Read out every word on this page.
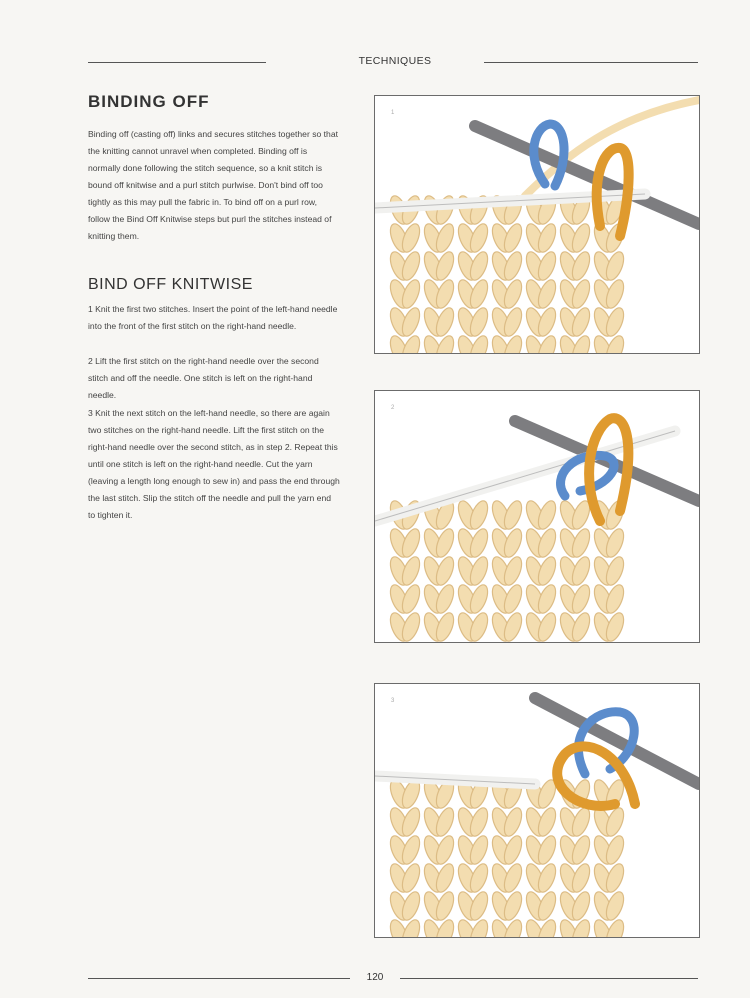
TECHNIQUES
BINDING OFF

Binding off (casting off) links and secures stitches together so that the knitting cannot unravel when completed. Binding off is normally done following the stitch sequence, so a knit stitch is bound off knitwise and a purl stitch purlwise. Don't bind off too tightly as this may pull the fabric in. To bind off on a purl row, follow the Bind Off Knitwise steps but purl the stitches instead of knitting them.

BIND OFF KNITWISE

1 Knit the first two stitches. Insert the point of the left-hand needle into the front of the first stitch on the right-hand needle.

2 Lift the first stitch on the right-hand needle over the second stitch and off the needle. One stitch is left on the right-hand needle.

3 Knit the next stitch on the left-hand needle, so there are again two stitches on the right-hand needle. Lift the first stitch on the right-hand needle over the second stitch, as in step 2. Repeat this until one stitch is left on the right-hand needle. Cut the yarn (leaving a length long enough to sew in) and pass the end through the last stitch. Slip the stitch off the needle and pull the yarn end to tighten it.

1
2
3
120
